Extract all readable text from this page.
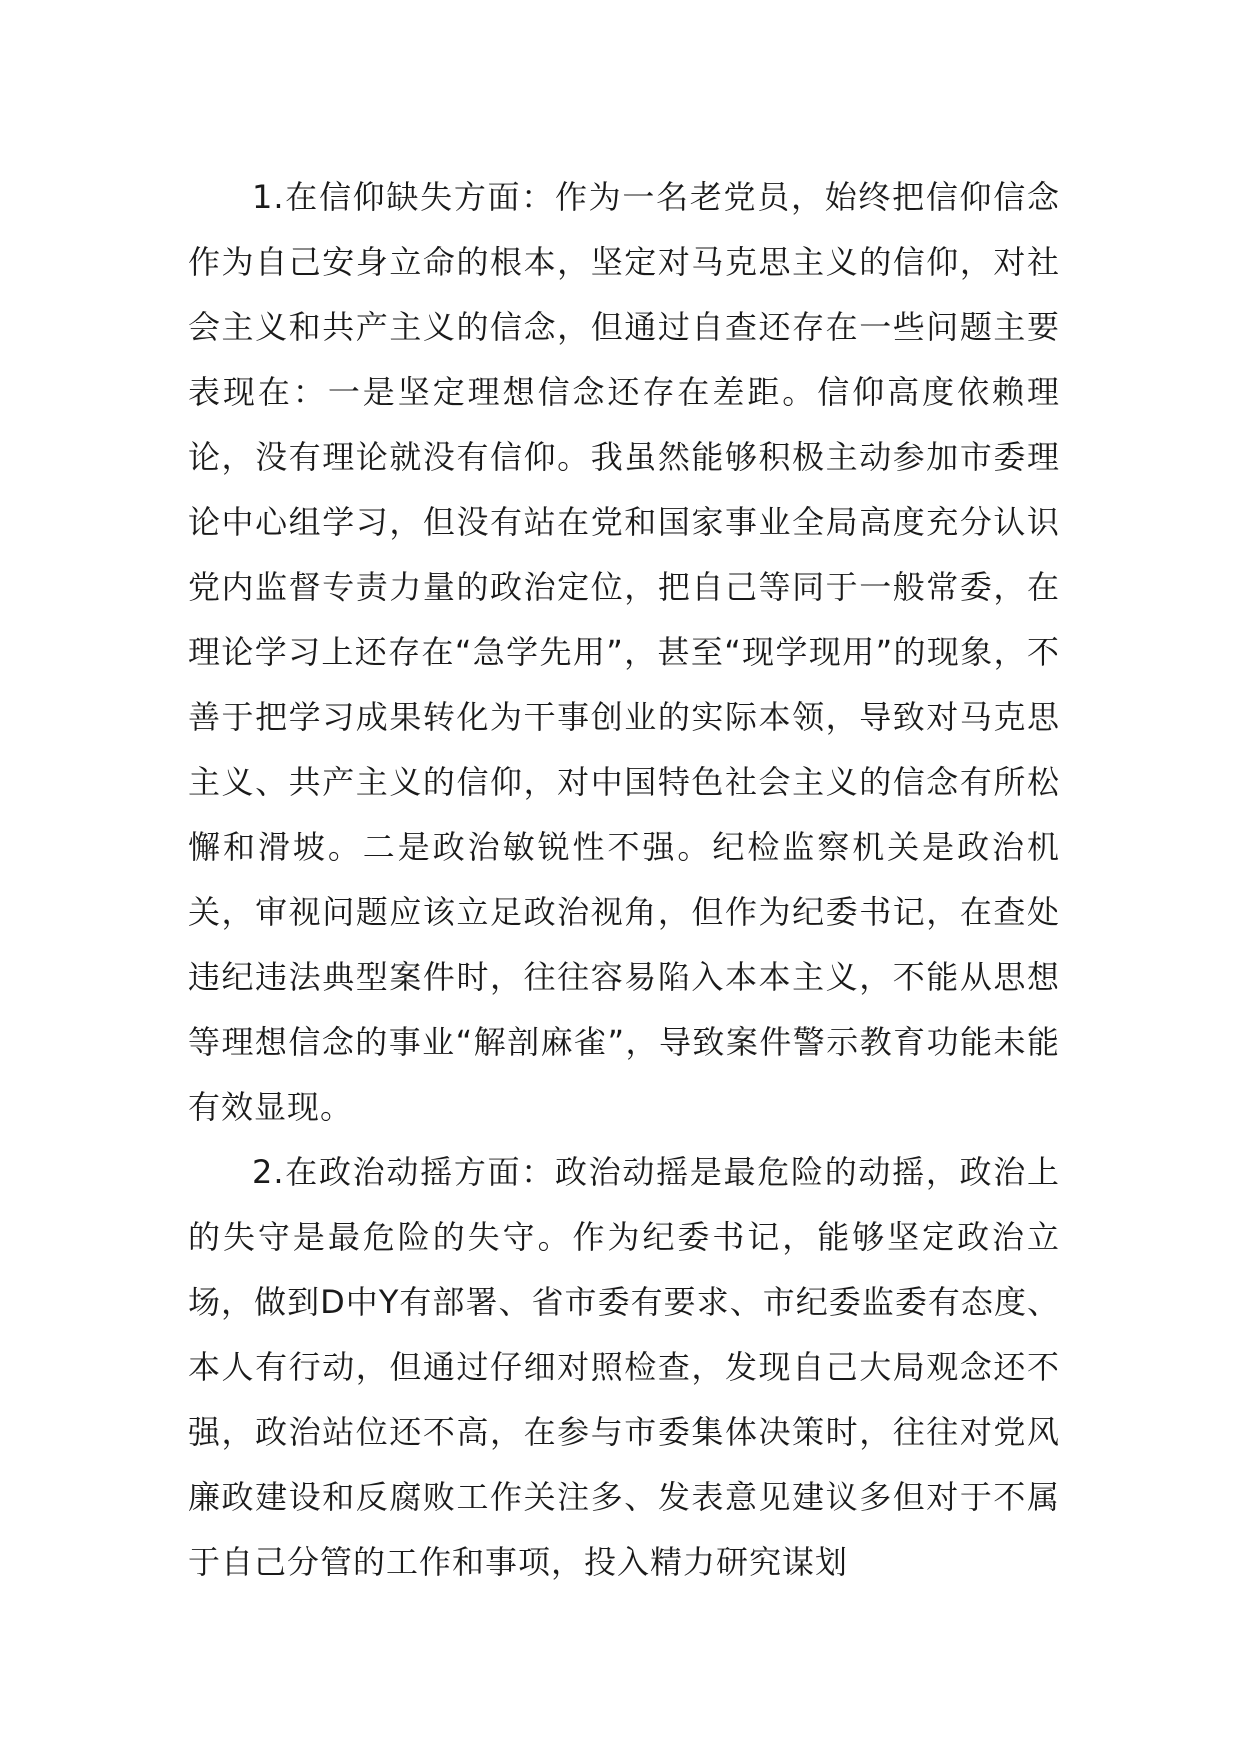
1.在信仰缺失方面：作为一名老党员，始终把信仰信念作为自己安身立命的根本，坚定对马克思主义的信仰，对社会主义和共产主义的信念，但通过自查还存在一些问题主要表现在：一是坚定理想信念还存在差距。信仰高度依赖理论，没有理论就没有信仰。我虽然能够积极主动参加市委理论中心组学习，但没有站在党和国家事业全局高度充分认识党内监督专责力量的政治定位，把自己等同于一般常委，在理论学习上还存在“急学先用”，甚至“现学现用”的现象，不善于把学习成果转化为干事创业的实际本领，导致对马克思主义、共产主义的信仰，对中国特色社会主义的信念有所松懈和滑坡。二是政治敏锐性不强。纪检监察机关是政治机关，审视问题应该立足政治视角，但作为纪委书记，在查处违纪违法典型案件时，往往容易陷入本本主义，不能从思想等理想信念的事业“解剖麻雀”，导致案件警示教育功能未能有效显现。

2.在政治动摇方面：政治动摇是最危险的动摇，政治上的失守是最危险的失守。作为纪委书记，能够坚定政治立场，做到D中Y有部署、省市委有要求、市纪委监委有态度、本人有行动，但通过仔细对照检查，发现自己大局观念还不强，政治站位还不高，在参与市委集体决策时，往往对党风廉政建设和反腐败工作关注多、发表意见建议多但对于不属于自己分管的工作和事项，投入精力研究谋划
